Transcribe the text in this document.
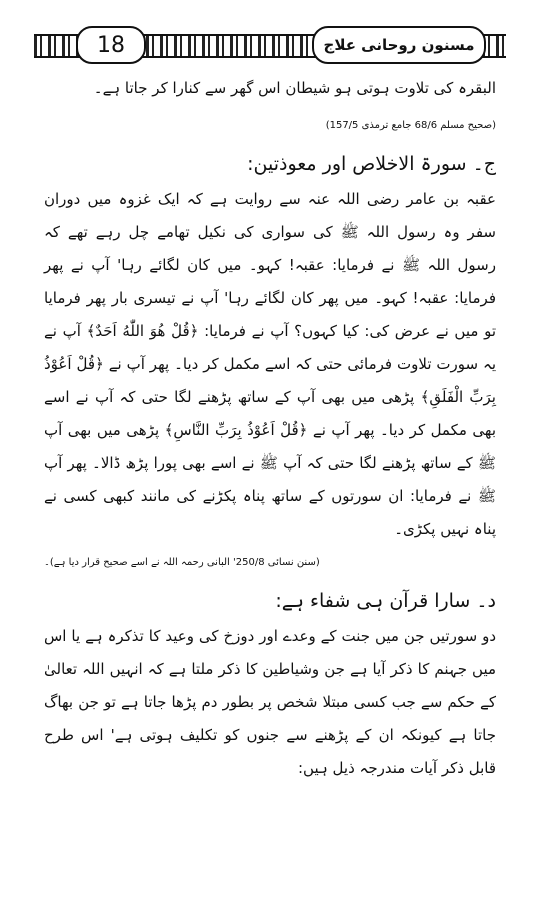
18	مسنون روحانی علاج

البقرہ کی تلاوت ہوتی ہو شیطان اس گھر سے کنارا کر جاتا ہے۔

(صحیح مسلم 68/6 جامع ترمذی 157/5)
ج۔ سورۃ الاخلاص اور معوذتین:

عقبہ بن عامر رضی اللہ عنہ سے روایت ہے کہ ایک غزوہ میں دوران سفر وہ رسول اللہ ﷺ کی سواری کی نکیل تھامے چل رہے تھے کہ رسول اللہ ﷺ نے فرمایا: عقبہ! کہو۔ میں کان لگائے رہا' آپ نے پھر فرمایا: عقبہ! کہو۔ میں پھر کان لگائے رہا' آپ نے تیسری بار پھر فرمایا تو میں نے عرض کی: کیا کہوں؟ آپ نے فرمایا: ﴿قُلْ هُوَ اللّٰهُ اَحَدٌ﴾ آپ نے یہ سورت تلاوت فرمائی حتی کہ اسے مکمل کر دیا۔ پھر آپ نے ﴿قُلْ اَعُوْذُ بِرَبِّ الْفَلَقِ﴾ پڑھی میں بھی آپ کے ساتھ پڑھنے لگا حتی کہ آپ نے اسے بھی مکمل کر دیا۔ پھر آپ نے ﴿قُلْ اَعُوْذُ بِرَبِّ النَّاسِ﴾ پڑھی میں بھی آپ ﷺ کے ساتھ پڑھنے لگا حتی کہ آپ ﷺ نے اسے بھی پورا پڑھ ڈالا۔ پھر آپ ﷺ نے فرمایا: ان سورتوں کے ساتھ پناہ پکڑنے کی مانند کبھی کسی نے پناہ نہیں پکڑی۔

(سنن نسائی 250/8' البانی رحمہ اللہ نے اسے صحیح قرار دیا ہے)۔
د۔ سارا قرآن ہی شفاء ہے:

دو سورتیں جن میں جنت کے وعدے اور دوزخ کی وعید کا تذکرہ ہے یا اس میں جہنم کا ذکر آیا ہے جن وشیاطین کا ذکر ملتا ہے کہ انہیں اللہ تعالیٰ کے حکم سے جب کسی مبتلا شخص پر بطور دم پڑھا جاتا ہے تو جن بھاگ جاتا ہے کیونکہ ان کے پڑھنے سے جنوں کو تکلیف ہوتی ہے' اس طرح قابل ذکر آیات مندرجہ ذیل ہیں:
